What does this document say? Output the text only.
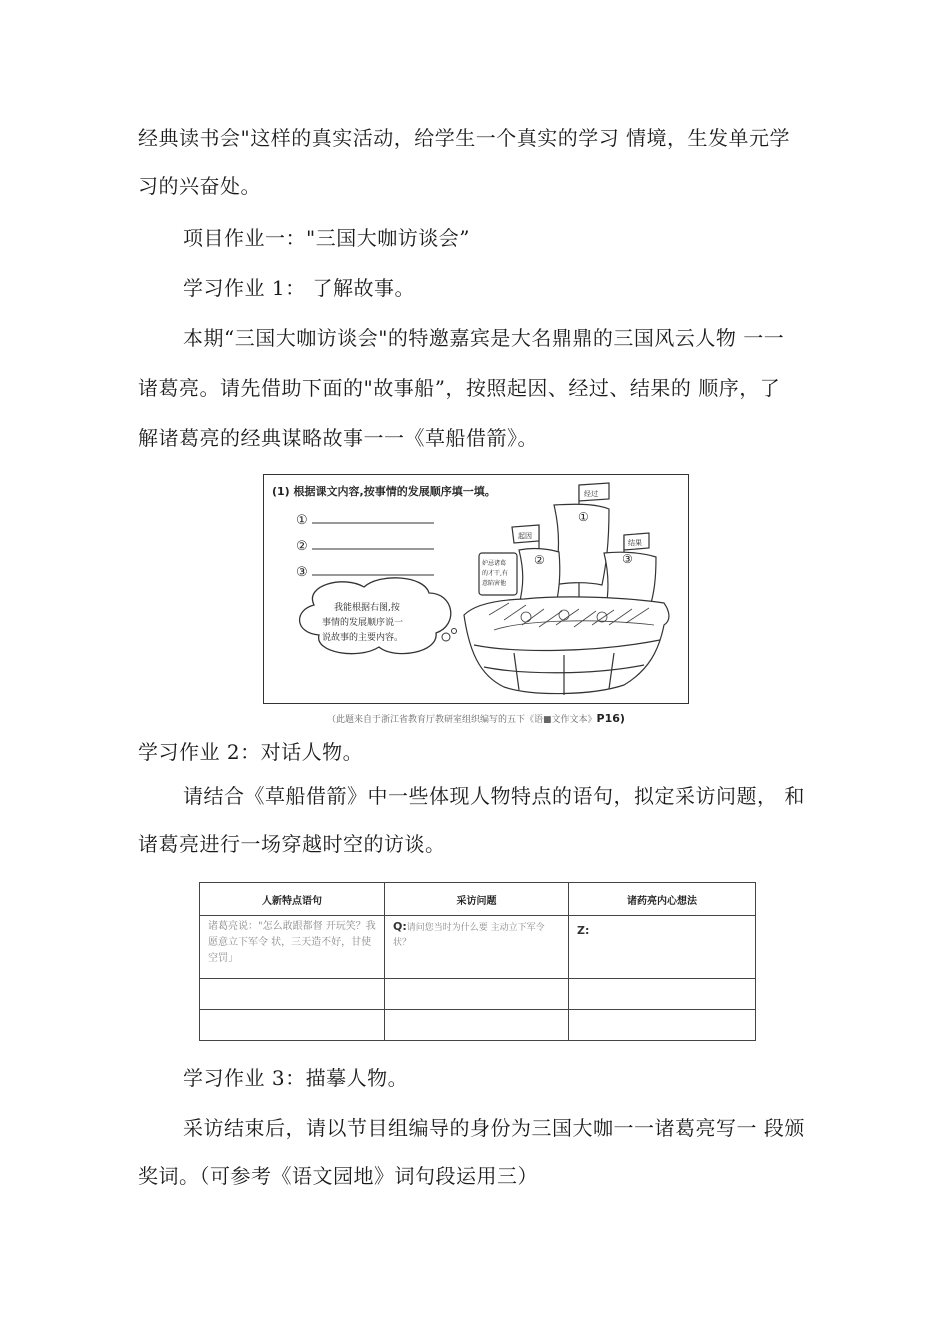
经典读书会"这样的真实活动，给学生一个真实的学习 情境，生发单元学
习的兴奋处。
项目作业一："三国大咖访谈会”
学习作业 1： 了解故事。
本期“三国大咖访谈会"的特邀嘉宾是大名鼎鼎的三国风云人物 一一
诸葛亮。请先借助下面的"故事船”，按照起因、经过、结果的 顺序，了
解诸葛亮的经典谋略故事一一《草船借箭》。
(1) 根据课文内容,按事情的发展顺序填一填。
①
②
③
我能根据右图,按
事情的发展顺序说一
说故事的主要内容。
经过
起因
结果
①
②	③
妒忌诸葛
的才干,有
意陷害他
（此题来自于浙江省教育厅教研室组织编写的五下《语■文作文本》P16)
学习作业 2：对话人物。
请结合《草船借箭》中一些体现人物特点的语句，拟定采访问题， 和
诸葛亮进行一场穿越时空的访谈。
人新特点语句	采访问题	诸药亮内心想法

诸葛亮说："怎么敢跟都督 开玩笑？我愿意立下军令 状，三天造不好，甘使空罚」	Q:请问您当时为什么要 主动立下军令状？	Z:

学习作业 3：描摹人物。
采访结束后，请以节目组编导的身份为三国大咖一一诸葛亮写一 段颁
奖词。（可参考《语文园地》词句段运用三）
